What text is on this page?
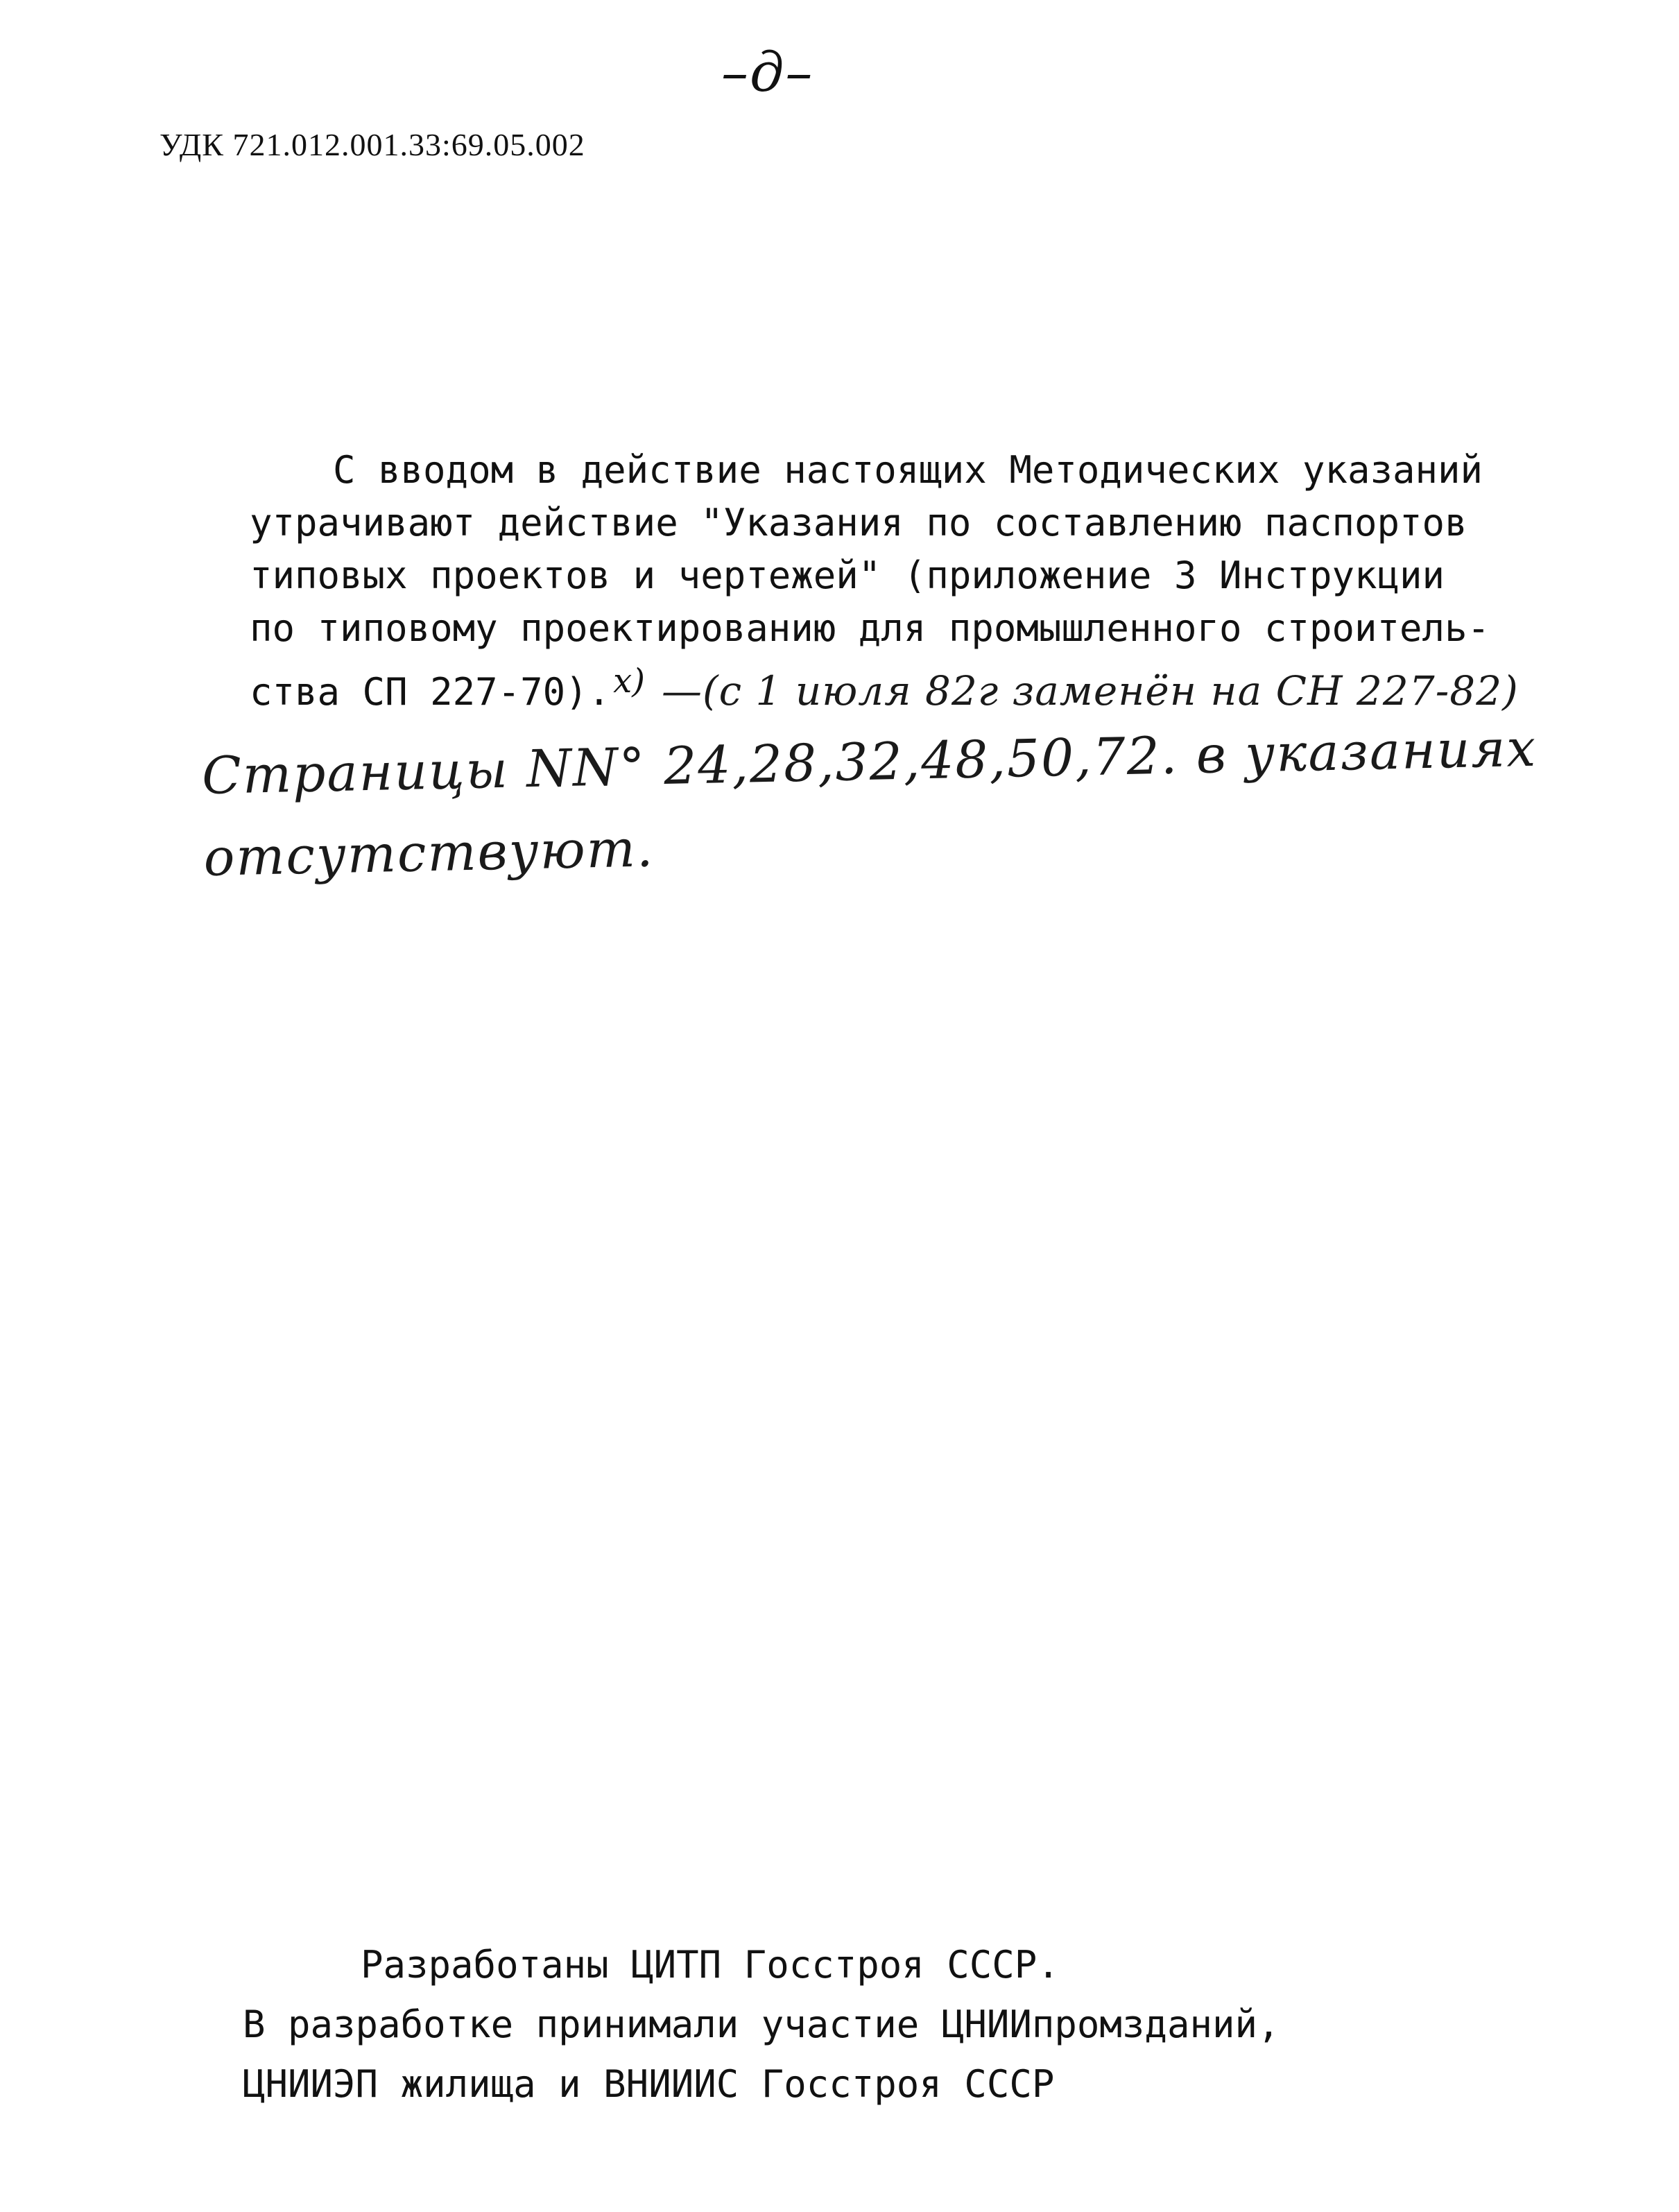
–д–
УДК 721.012.001.33:69.05.002
С вводом в действие настоящих Методических указаний
утрачивают действие "Указания по составлению паспортов
типовых проектов и чертежей" (приложение 3 Инструкции
по типовому проектированию для промышленного строитель-
ства СП 227-70).x) —(с 1 июля 82г заменён на СН 227-82)
Страницы NN° 24,28,32,48,50,72. в указаниях
отсутствуют.
Разработаны ЦИТП Госстроя СССР.
В разработке принимали участие ЦНИИпромзданий,
ЦНИИЭП жилища и ВНИИИС Госстроя СССР
